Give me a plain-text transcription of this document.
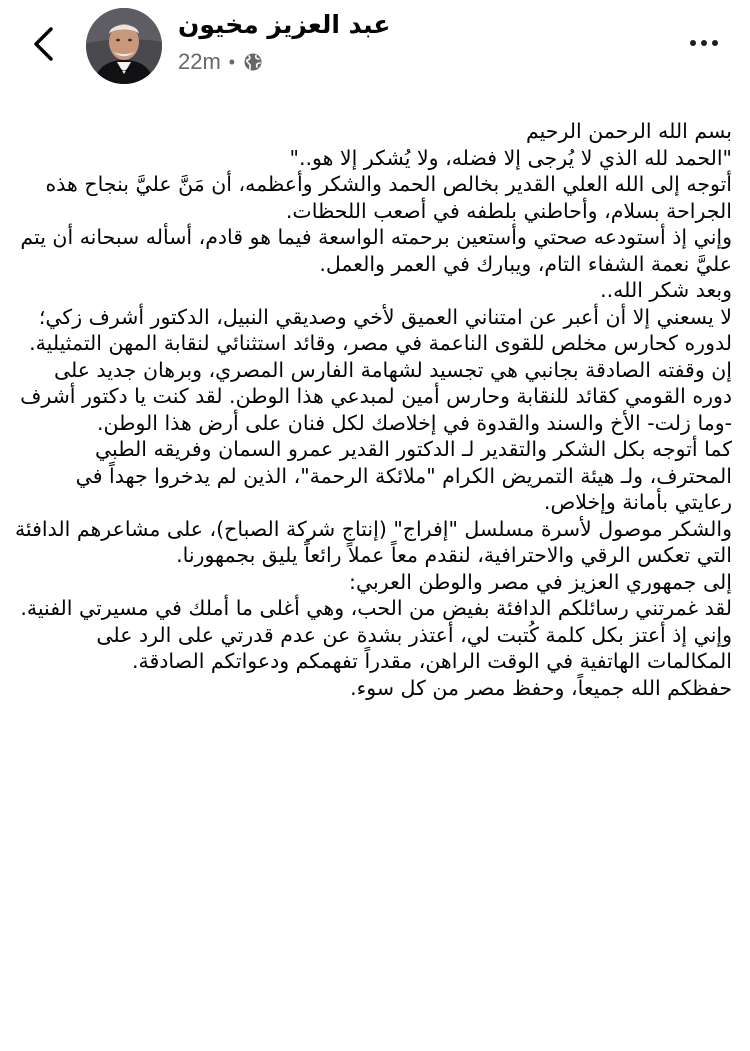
عبد العزيز مخيون
22m •

بسم الله الرحمن الرحيم

"الحمد لله الذي لا يُرجى إلا فضله، ولا يُشكر إلا هو.."

أتوجه إلى الله العلي القدير بخالص الحمد والشكر وأعظمه، أن مَنَّ عليَّ بنجاح هذه الجراحة بسلام، وأحاطني بلطفه في أصعب اللحظات.

وإني إذ أستودعه صحتي وأستعين برحمته الواسعة فيما هو قادم، أسأله سبحانه أن يتم عليَّ نعمة الشفاء التام، ويبارك في العمر والعمل.

وبعد شكر الله..

لا يسعني إلا أن أعبر عن امتناني العميق لأخي وصديقي النبيل، الدكتور أشرف زكي؛ لدوره كحارس مخلص للقوى الناعمة في مصر، وقائد استثنائي لنقابة المهن التمثيلية. إن وقفته الصادقة بجانبي هي تجسيد لشهامة الفارس المصري، وبرهان جديد على دوره القومي كقائد للنقابة وحارس أمين لمبدعي هذا الوطن. لقد كنت يا دكتور أشرف -وما زلت- الأخ والسند والقدوة في إخلاصك لكل فنان على أرض هذا الوطن.

كما أتوجه بكل الشكر والتقدير لـ الدكتور القدير عمرو السمان وفريقه الطبي المحترف، ولـ هيئة التمريض الكرام "ملائكة الرحمة"، الذين لم يدخروا جهداً في رعايتي بأمانة وإخلاص.

والشكر موصول لأسرة مسلسل "إفراج" (إنتاج شركة الصباح)، على مشاعرهم الدافئة التي تعكس الرقي والاحترافية، لنقدم معاً عملاً رائعاً يليق بجمهورنا.

إلى جمهوري العزيز في مصر والوطن العربي:

لقد غمرتني رسائلكم الدافئة بفيض من الحب، وهي أغلى ما أملك في مسيرتي الفنية. وإني إذ أعتز بكل كلمة كُتبت لي، أعتذر بشدة عن عدم قدرتي على الرد على المكالمات الهاتفية في الوقت الراهن، مقدراً تفهمكم ودعواتكم الصادقة.

حفظكم الله جميعاً، وحفظ مصر من كل سوء.
